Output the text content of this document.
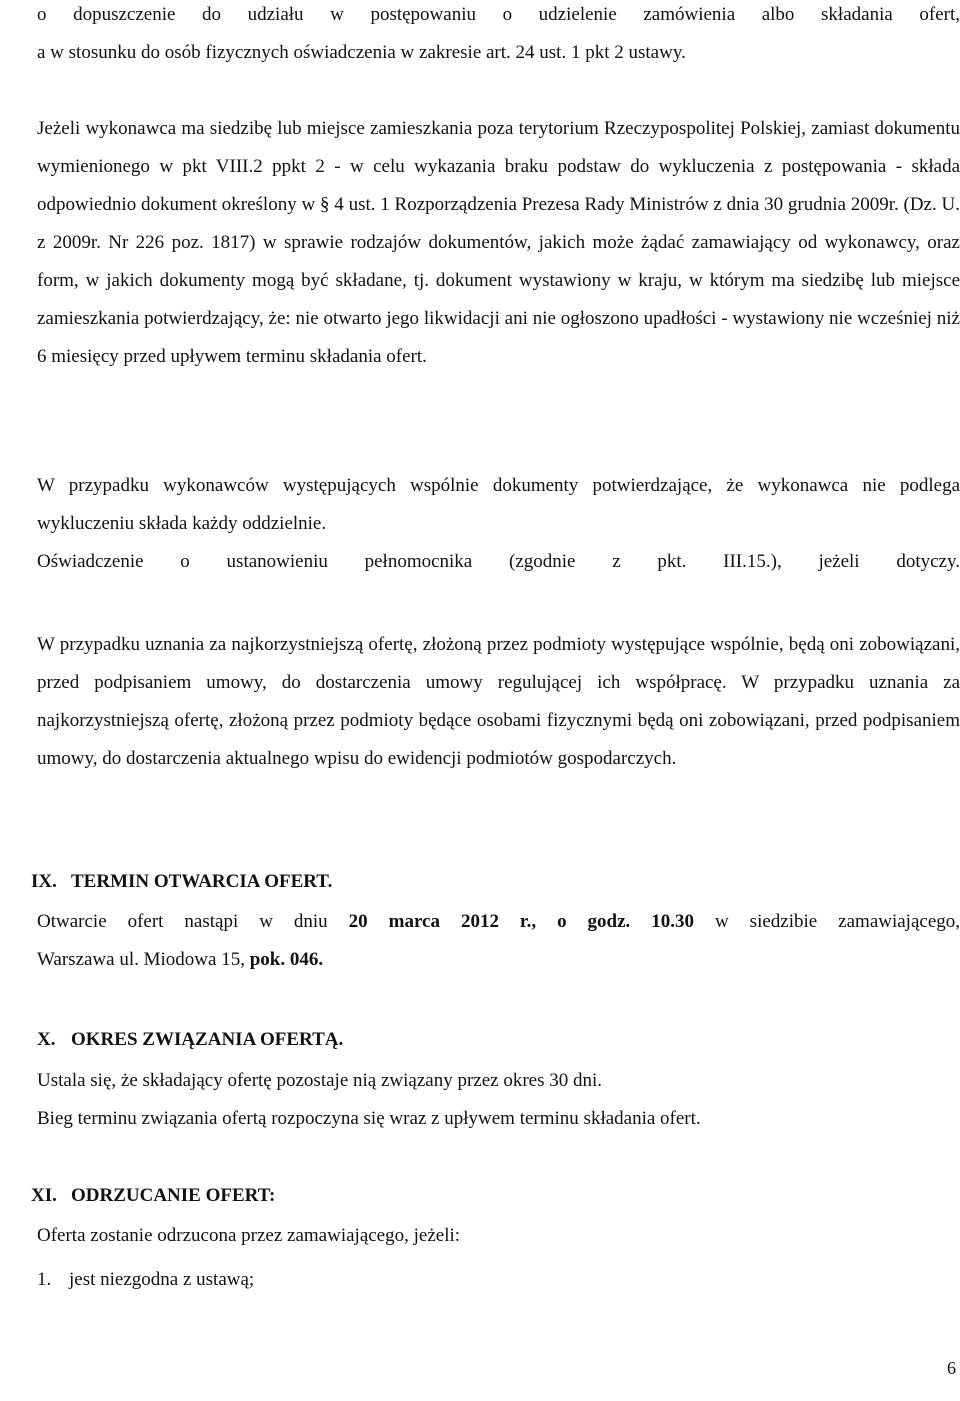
o dopuszczenie do udziału w postępowaniu o udzielenie zamówienia albo składania ofert,
a w stosunku do osób fizycznych oświadczenia w zakresie art. 24 ust. 1 pkt 2 ustawy.

Jeżeli wykonawca ma siedzibę lub miejsce zamieszkania poza terytorium Rzeczypospolitej Polskiej, zamiast dokumentu wymienionego w pkt VIII.2 ppkt 2 - w celu wykazania braku podstaw do wykluczenia z postępowania - składa odpowiednio dokument określony w § 4 ust. 1 Rozporządzenia Prezesa Rady Ministrów z dnia 30 grudnia 2009r. (Dz. U. z 2009r. Nr 226 poz. 1817) w sprawie rodzajów dokumentów, jakich może żądać zamawiający od wykonawcy, oraz form, w jakich dokumenty mogą być składane, tj. dokument wystawiony w kraju, w którym ma siedzibę lub miejsce zamieszkania potwierdzający, że: nie otwarto jego likwidacji ani nie ogłoszono upadłości - wystawiony nie wcześniej niż 6 miesięcy przed upływem terminu składania ofert.

W przypadku wykonawców występujących wspólnie dokumenty potwierdzające, że wykonawca nie podlega wykluczeniu składa każdy oddzielnie.

Oświadczenie o ustanowieniu pełnomocnika (zgodnie z pkt. III.15.), jeżeli dotyczy.

W przypadku uznania za najkorzystniejszą ofertę, złożoną przez podmioty występujące wspólnie, będą oni zobowiązani, przed podpisaniem umowy, do dostarczenia umowy regulującej ich współpracę. W przypadku uznania za najkorzystniejszą ofertę, złożoną przez podmioty będące osobami fizycznymi będą oni zobowiązani, przed podpisaniem umowy, do dostarczenia aktualnego wpisu do ewidencji podmiotów gospodarczych.

IX. TERMIN OTWARCIA OFERT.
Otwarcie ofert nastąpi w dniu 20 marca 2012 r., o godz. 10.30 w siedzibie zamawiającego,
Warszawa ul. Miodowa 15, pok. 046.
X. OKRES ZWIĄZANIA OFERTĄ.
Ustala się, że składający ofertę pozostaje nią związany przez okres 30 dni.
Bieg terminu związania ofertą rozpoczyna się wraz z upływem terminu składania ofert.
XI. ODRZUCANIE OFERT:
Oferta zostanie odrzucona przez zamawiającego, jeżeli:
1. jest niezgodna z ustawą;
6
